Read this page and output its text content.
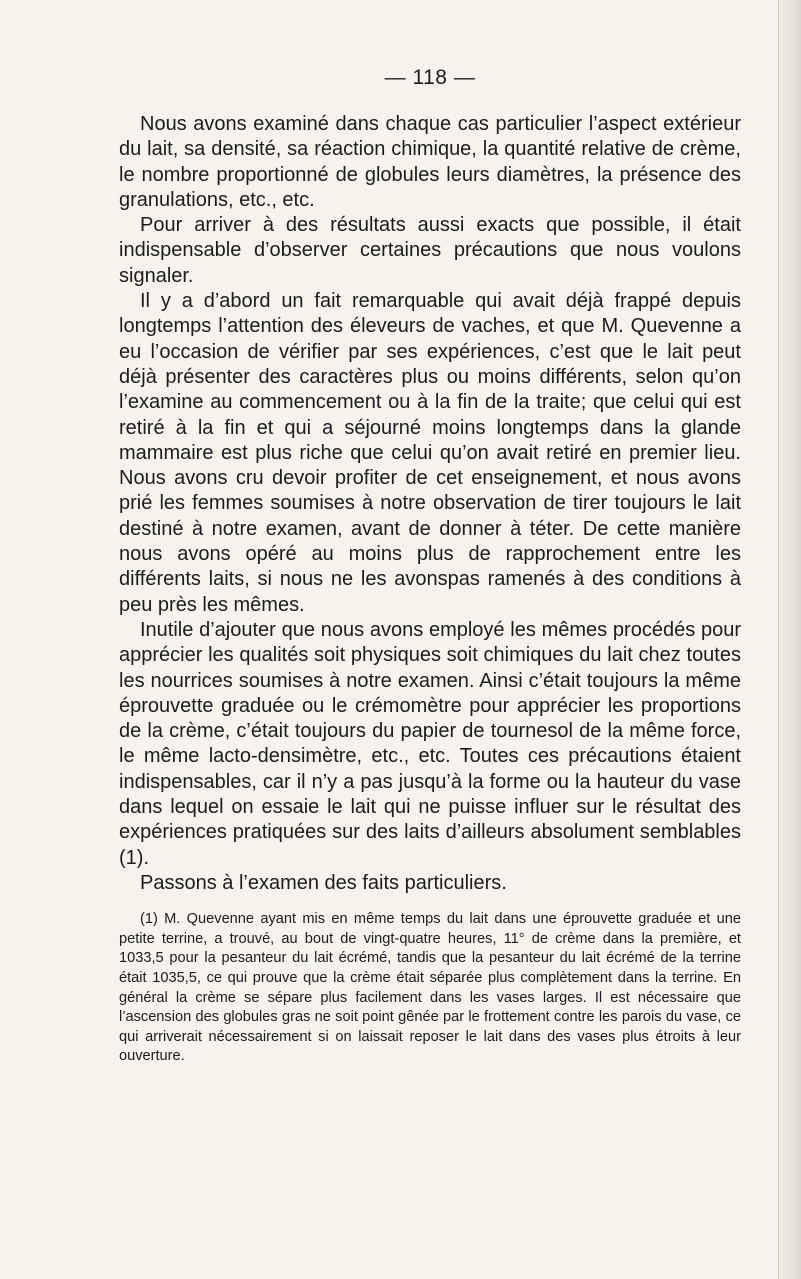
— 118 —

Nous avons examiné dans chaque cas particulier l’aspect extérieur du lait, sa densité, sa réaction chimique, la quantité relative de crème, le nombre proportionné de globules leurs diamètres, la présence des granulations, etc., etc.

Pour arriver à des résultats aussi exacts que possible, il était indispensable d’observer certaines précautions que nous voulons signaler.

Il y a d’abord un fait remarquable qui avait déjà frappé depuis longtemps l’attention des éleveurs de vaches, et que M. Quevenne a eu l’occasion de vérifier par ses expériences, c’est que le lait peut déjà présenter des caractères plus ou moins différents, selon qu’on l’examine au commencement ou à la fin de la traite; que celui qui est retiré à la fin et qui a séjourné moins longtemps dans la glande mammaire est plus riche que celui qu’on avait retiré en premier lieu. Nous avons cru devoir profiter de cet enseignement, et nous avons prié les femmes soumises à notre observation de tirer toujours le lait destiné à notre examen, avant de donner à téter. De cette manière nous avons opéré au moins plus de rapprochement entre les différents laits, si nous ne les avonspas ramenés à des conditions à peu près les mêmes.

Inutile d’ajouter que nous avons employé les mêmes procédés pour apprécier les qualités soit physiques soit chimiques du lait chez toutes les nourrices soumises à notre examen. Ainsi c’était toujours la même éprouvette graduée ou le crémomètre pour apprécier les proportions de la crème, c’était toujours du papier de tournesol de la même force, le même lacto-densimètre, etc., etc. Toutes ces précautions étaient indispensables, car il n’y a pas jusqu’à la forme ou la hauteur du vase dans lequel on essaie le lait qui ne puisse influer sur le résultat des expériences pratiquées sur des laits d’ailleurs absolument semblables (1).

Passons à l’examen des faits particuliers.

(1) M. Quevenne ayant mis en même temps du lait dans une éprouvette graduée et une petite terrine, a trouvé, au bout de vingt-quatre heures, 11° de crème dans la première, et 1033,5 pour la pesanteur du lait écrémé, tandis que la pesanteur du lait écrémé de la terrine était 1035,5, ce qui prouve que la crème était séparée plus complètement dans la terrine. En général la crème se sépare plus facilement dans les vases larges. Il est nécessaire que l’ascension des globules gras ne soit point gênée par le frottement contre les parois du vase, ce qui arriverait nécessairement si on laissait reposer le lait dans des vases plus étroits à leur ouverture.
